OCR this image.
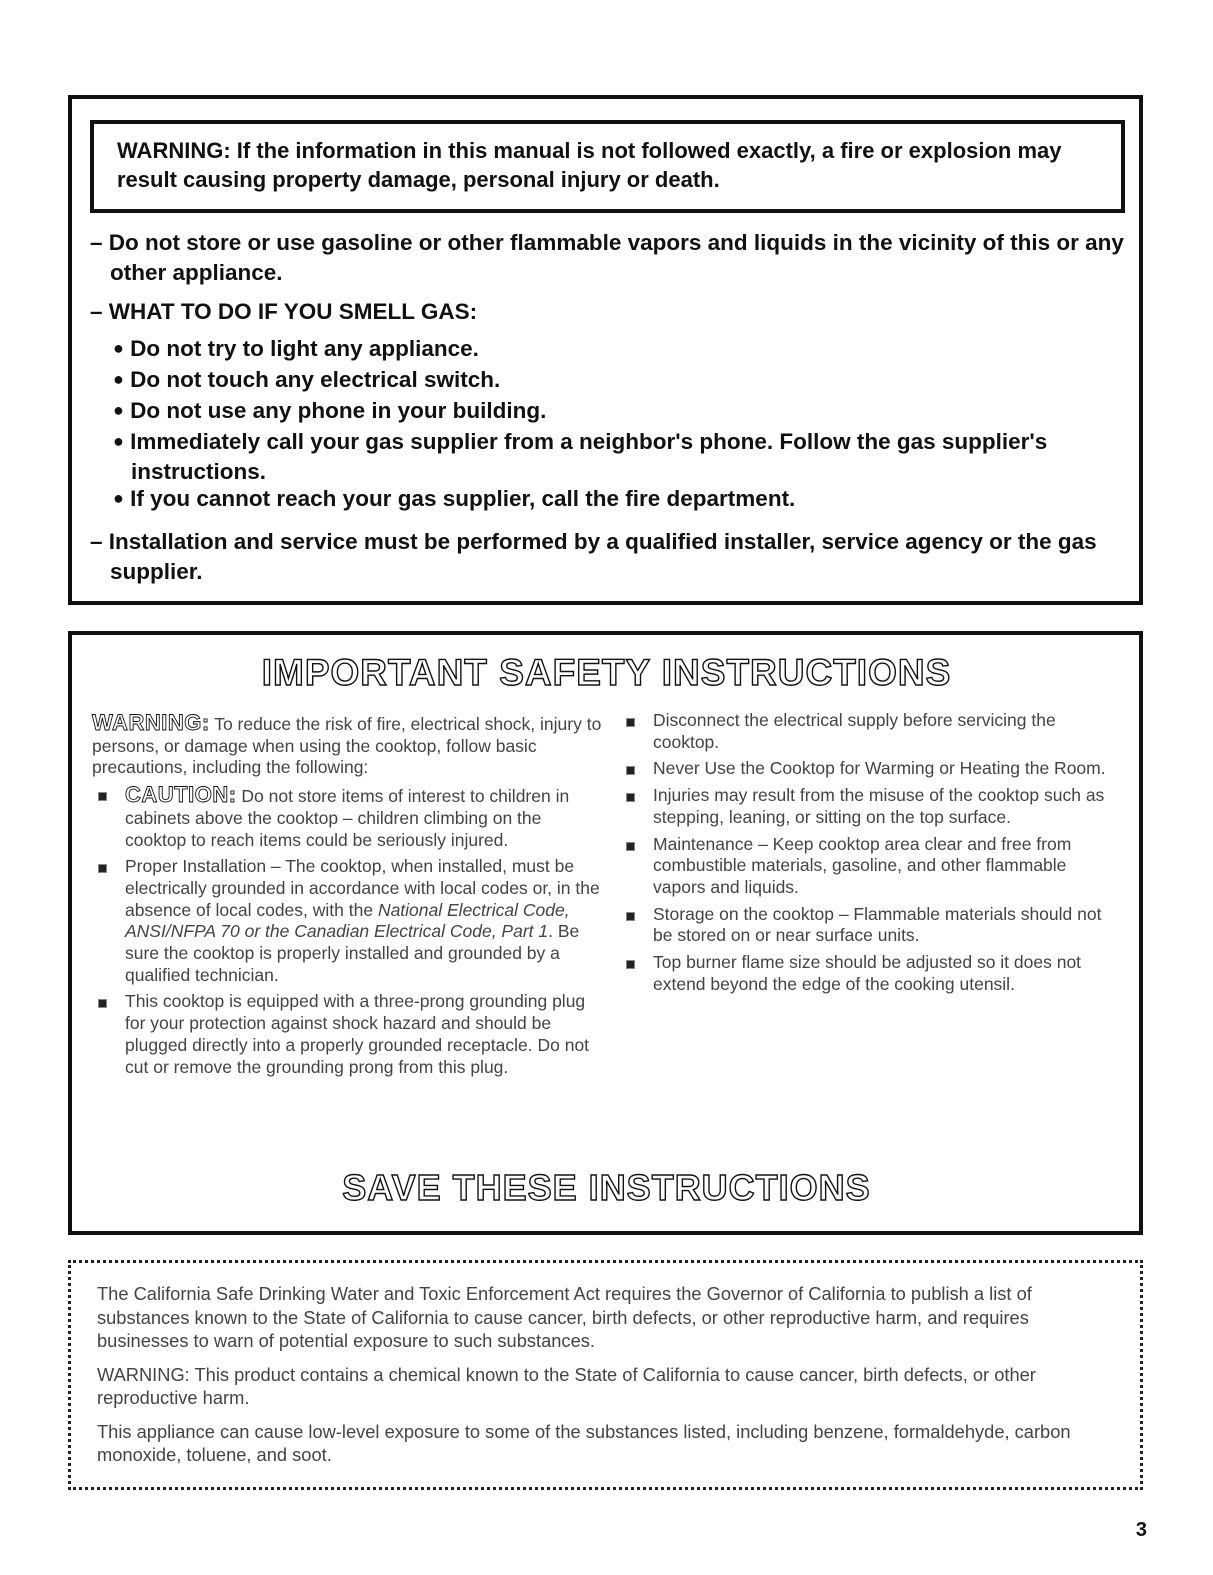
WARNING: If the information in this manual is not followed exactly, a fire or explosion may result causing property damage, personal injury or death.
– Do not store or use gasoline or other flammable vapors and liquids in the vicinity of this or any other appliance.
– WHAT TO DO IF YOU SMELL GAS:
● Do not try to light any appliance.
● Do not touch any electrical switch.
● Do not use any phone in your building.
● Immediately call your gas supplier from a neighbor's phone. Follow the gas supplier's instructions.
● If you cannot reach your gas supplier, call the fire department.
– Installation and service must be performed by a qualified installer, service agency or the gas supplier.
IMPORTANT SAFETY INSTRUCTIONS

WARNING: To reduce the risk of fire, electrical shock, injury to persons, or damage when using the cooktop, follow basic precautions, including the following:

CAUTION: Do not store items of interest to children in cabinets above the cooktop – children climbing on the cooktop to reach items could be seriously injured.

Proper Installation – The cooktop, when installed, must be electrically grounded in accordance with local codes or, in the absence of local codes, with the National Electrical Code, ANSI/NFPA 70 or the Canadian Electrical Code, Part 1. Be sure the cooktop is properly installed and grounded by a qualified technician.

This cooktop is equipped with a three-prong grounding plug for your protection against shock hazard and should be plugged directly into a properly grounded receptacle. Do not cut or remove the grounding prong from this plug.

Disconnect the electrical supply before servicing the cooktop.

Never Use the Cooktop for Warming or Heating the Room.

Injuries may result from the misuse of the cooktop such as stepping, leaning, or sitting on the top surface.

Maintenance – Keep cooktop area clear and free from combustible materials, gasoline, and other flammable vapors and liquids.

Storage on the cooktop – Flammable materials should not be stored on or near surface units.

Top burner flame size should be adjusted so it does not extend beyond the edge of the cooking utensil.

SAVE THESE INSTRUCTIONS

The California Safe Drinking Water and Toxic Enforcement Act requires the Governor of California to publish a list of substances known to the State of California to cause cancer, birth defects, or other reproductive harm, and requires businesses to warn of potential exposure to such substances.

WARNING: This product contains a chemical known to the State of California to cause cancer, birth defects, or other reproductive harm.

This appliance can cause low-level exposure to some of the substances listed, including benzene, formaldehyde, carbon monoxide, toluene, and soot.

3
